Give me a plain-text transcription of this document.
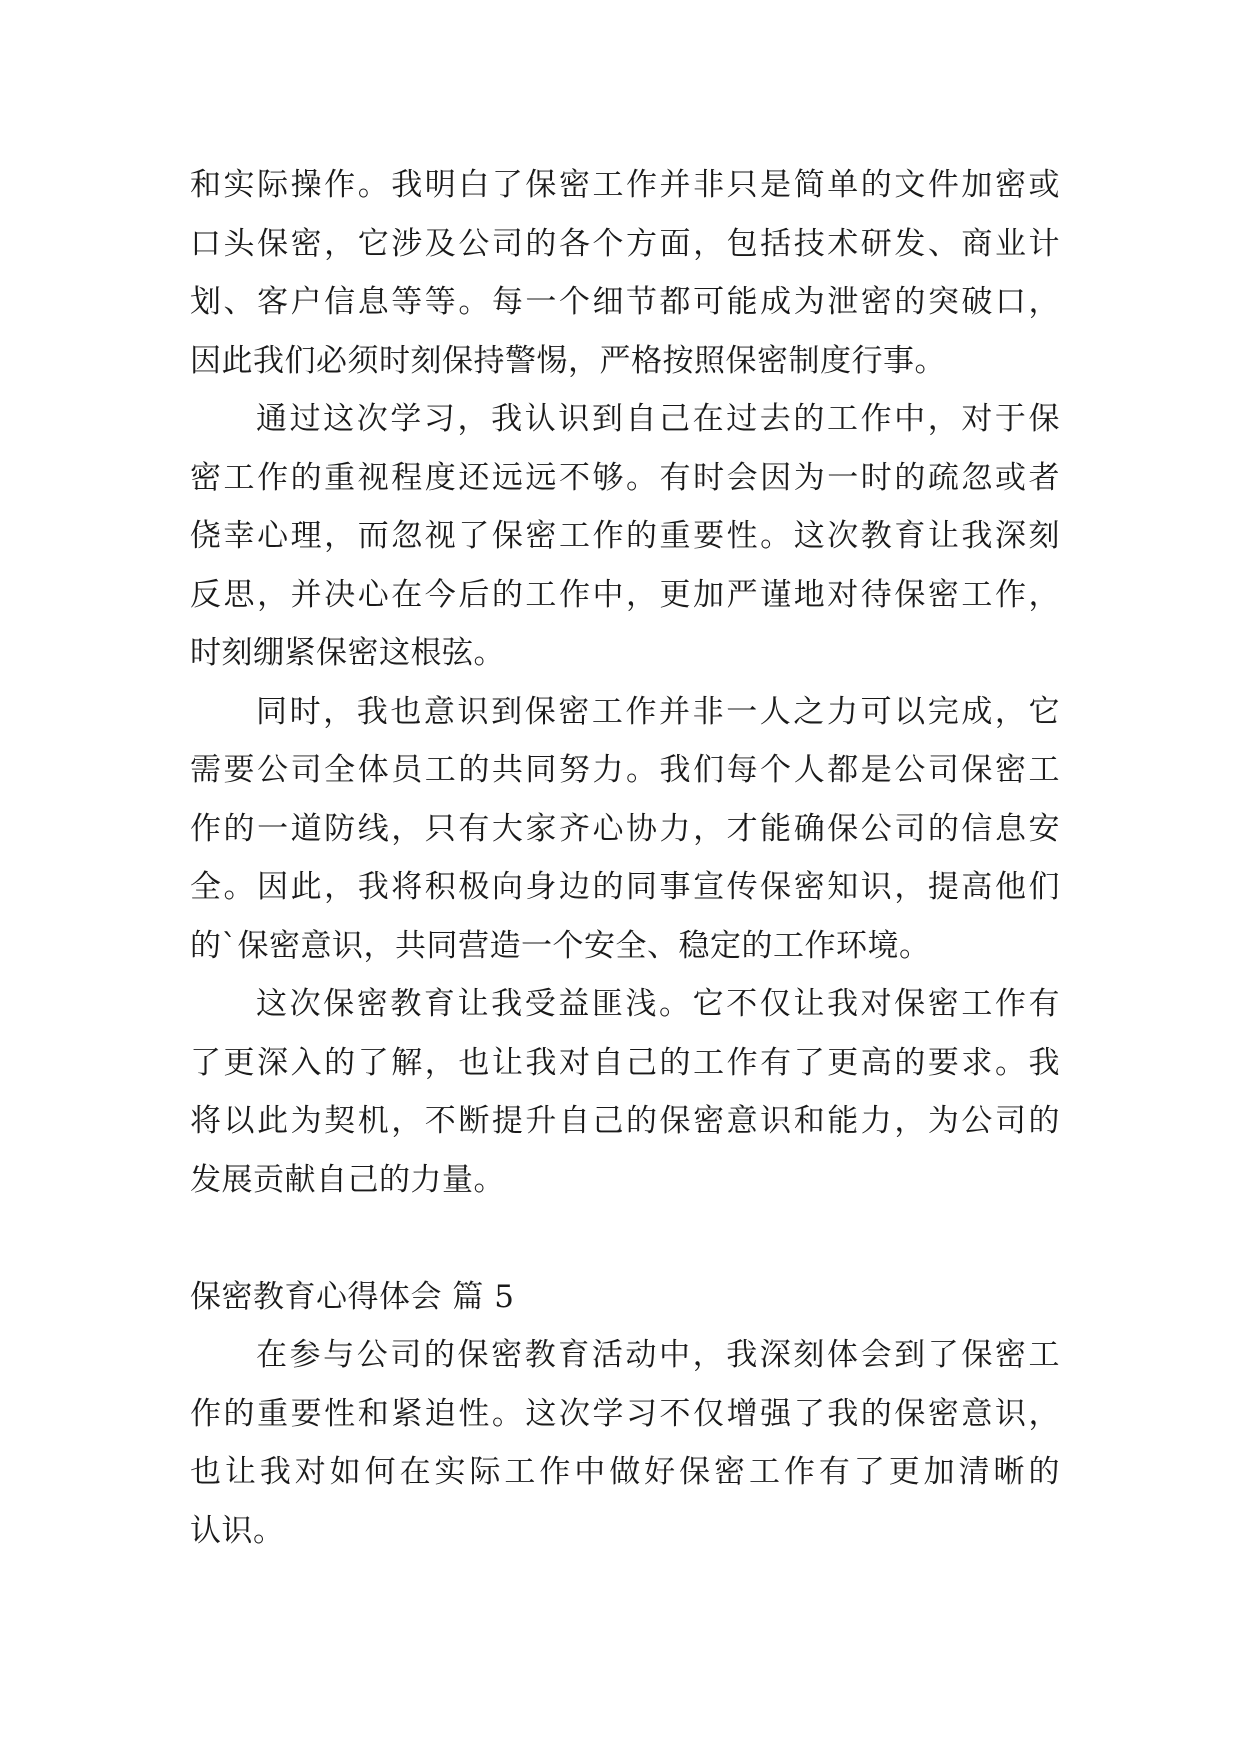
和实际操作。我明白了保密工作并非只是简单的文件加密或
口头保密，它涉及公司的各个方面，包括技术研发、商业计
划、客户信息等等。每一个细节都可能成为泄密的突破口，
因此我们必须时刻保持警惕，严格按照保密制度行事。
通过这次学习，我认识到自己在过去的工作中，对于保
密工作的重视程度还远远不够。有时会因为一时的疏忽或者
侥幸心理，而忽视了保密工作的重要性。这次教育让我深刻
反思，并决心在今后的工作中，更加严谨地对待保密工作，
时刻绷紧保密这根弦。
同时，我也意识到保密工作并非一人之力可以完成，它
需要公司全体员工的共同努力。我们每个人都是公司保密工
作的一道防线，只有大家齐心协力，才能确保公司的信息安
全。因此，我将积极向身边的同事宣传保密知识，提高他们
的`保密意识，共同营造一个安全、稳定的工作环境。
这次保密教育让我受益匪浅。它不仅让我对保密工作有
了更深入的了解，也让我对自己的工作有了更高的要求。我
将以此为契机，不断提升自己的保密意识和能力，为公司的
发展贡献自己的力量。
保密教育心得体会 篇 5
在参与公司的保密教育活动中，我深刻体会到了保密工
作的重要性和紧迫性。这次学习不仅增强了我的保密意识，
也让我对如何在实际工作中做好保密工作有了更加清晰的
认识。
